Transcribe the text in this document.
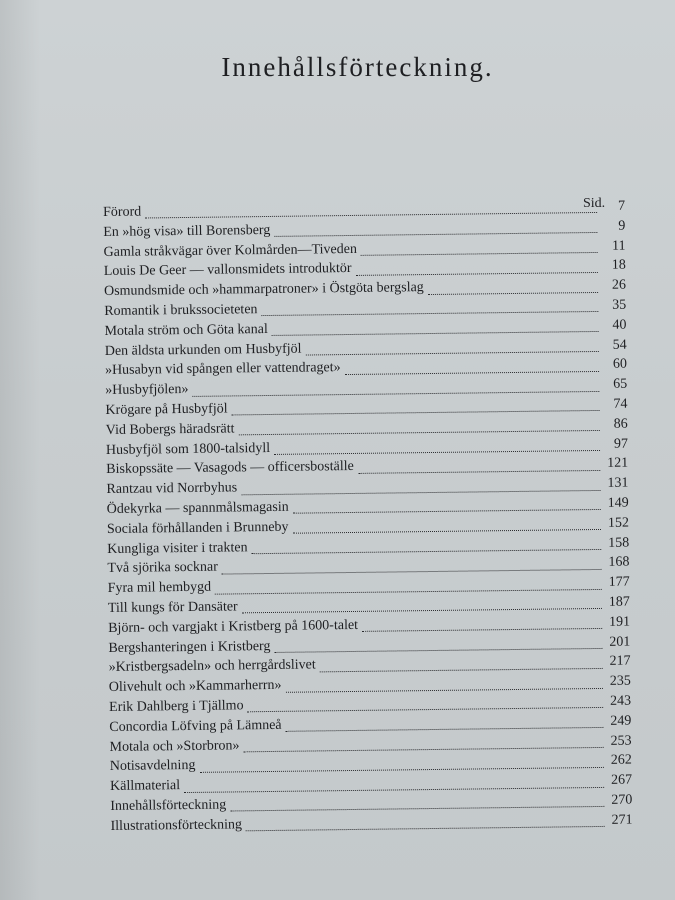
Innehållsförteckning.
Sid.
Förord	7
En »hög visa» till Borensberg	9
Gamla stråkvägar över Kolmården—Tiveden	11
Louis De Geer — vallonsmidets introduktör	18
Osmundsmide och »hammarpatroner» i Östgöta bergslag	26
Romantik i brukssocieteten	35
Motala ström och Göta kanal	40
Den äldsta urkunden om Husbyfjöl	54
»Husabyn vid spången eller vattendraget»	60
»Husbyfjölen»	65
Krögare på Husbyfjöl	74
Vid Bobergs häradsrätt	86
Husbyfjöl som 1800-talsidyll	97
Biskopssäte — Vasagods — officersboställe	121
Rantzau vid Norrbyhus	131
Ödekyrka — spannmålsmagasin	149
Sociala förhållanden i Brunneby	152
Kungliga visiter i trakten	158
Två sjörika socknar	168
Fyra mil hembygd	177
Till kungs för Dansäter	187
Björn- och vargjakt i Kristberg på 1600-talet	191
Bergshanteringen i Kristberg	201
»Kristbergsadeln» och herrgårdslivet	217
Olivehult och »Kammarherrn»	235
Erik Dahlberg i Tjällmo	243
Concordia Löfving på Lämneå	249
Motala och »Storbron»	253
Notisavdelning	262
Källmaterial	267
Innehållsförteckning	270
Illustrationsförteckning	271
